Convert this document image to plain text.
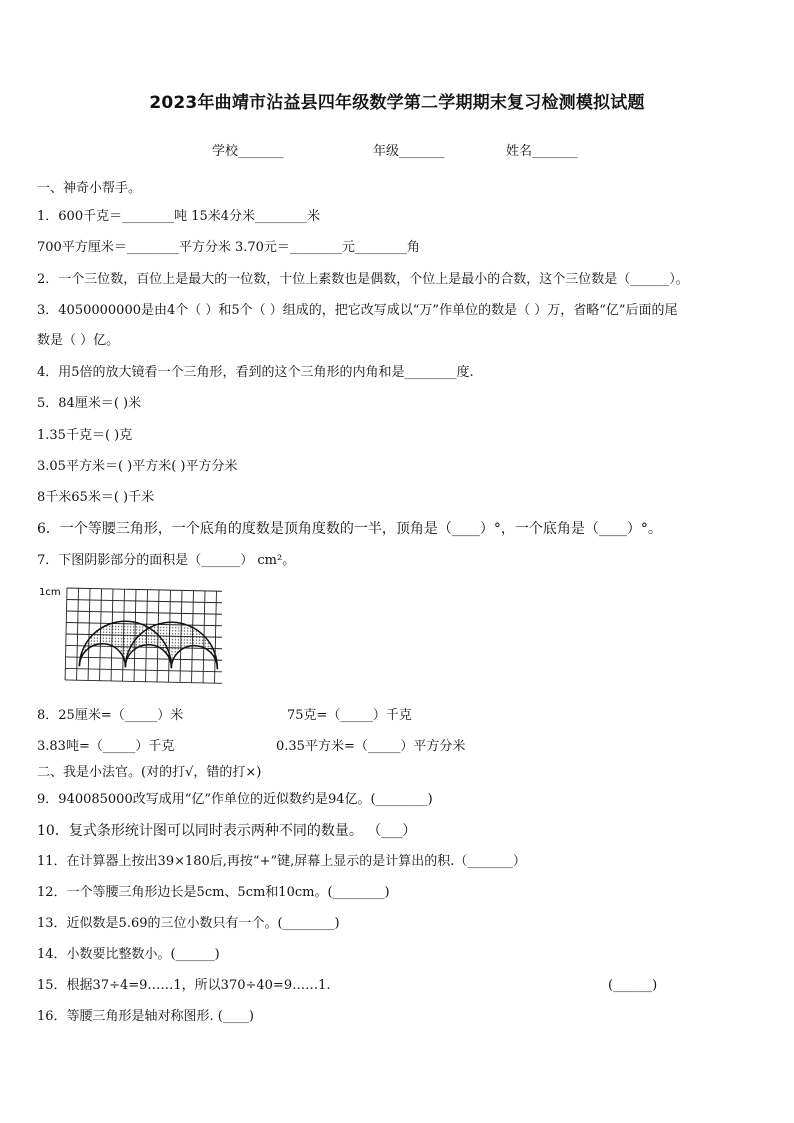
2023年曲靖市沾益县四年级数学第二学期期末复习检测模拟试题
学校_______	年级_______	姓名_______
一、神奇小帮手。
1．600千克＝________吨 15米4分米________米
700平方厘米＝________平方分米 3.70元＝________元________角
2．一个三位数，百位上是最大的一位数，十位上素数也是偶数，个位上是最小的合数，这个三位数是（______）。
3．4050000000是由4个（ ）和5个（ ）组成的，把它改写成以“万”作单位的数是（ ）万，省略“亿”后面的尾
数是（ ）亿。
4．用5倍的放大镜看一个三角形，看到的这个三角形的内角和是________度.
5．84厘米＝( )米
1.35千克＝( )克
3.05平方米＝( )平方米( )平方分米
8千米65米＝( )千米
6．一个等腰三角形，一个底角的度数是顶角度数的一半，顶角是（____）°，一个底角是（____）°。
7．下图阴影部分的面积是（______） cm²。
1cm
8．25厘米=（_____）米	75克=（_____）千克
3.83吨=（_____）千克	0.35平方米=（_____）平方分米
二、我是小法官。(对的打√，错的打×)
9．940085000改写成用“亿”作单位的近似数约是94亿。(________)
10．复式条形统计图可以同时表示两种不同的数量。 （___）
11．在计算器上按出39×180后,再按“+”键,屏幕上显示的是计算出的积.（_______）
12．一个等腰三角形边长是5cm、5cm和10cm。(________)
13．近似数是5.69的三位小数只有一个。(________)
14．小数要比整数小。(______)
15．根据37÷4=9……1，所以370÷40=9……1.	(______)
16．等腰三角形是轴对称图形. (____)
